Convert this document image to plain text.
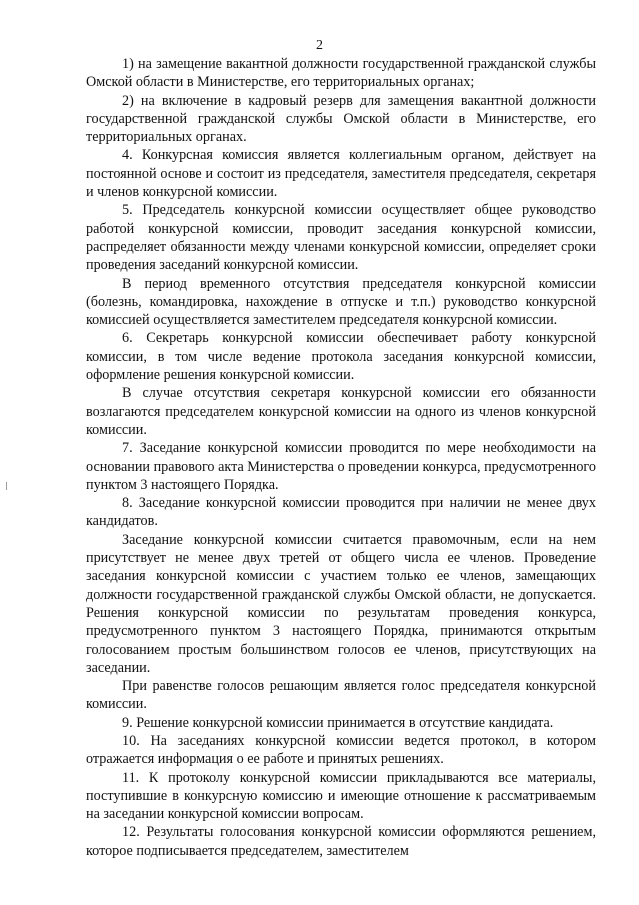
2

1) на замещение вакантной должности государственной гражданской службы Омской области в Министерстве, его территориальных органах;

2) на включение в кадровый резерв для замещения вакантной должности государственной гражданской службы Омской области в Министерстве, его территориальных органах.

4. Конкурсная комиссия является коллегиальным органом, действует на постоянной основе и состоит из председателя, заместителя председателя, секретаря и членов конкурсной комиссии.

5. Председатель конкурсной комиссии осуществляет общее руководство работой конкурсной комиссии, проводит заседания конкурсной комиссии, распределяет обязанности между членами конкурсной комиссии, определяет сроки проведения заседаний конкурсной комиссии.

В период временного отсутствия председателя конкурсной комиссии (болезнь, командировка, нахождение в отпуске и т.п.) руководство конкурсной комиссией осуществляется заместителем председателя конкурсной комиссии.

6. Секретарь конкурсной комиссии обеспечивает работу конкурсной комиссии, в том числе ведение протокола заседания конкурсной комиссии, оформление решения конкурсной комиссии.

В случае отсутствия секретаря конкурсной комиссии его обязанности возлагаются председателем конкурсной комиссии на одного из членов конкурсной комиссии.

7. Заседание конкурсной комиссии проводится по мере необходимости на основании правового акта Министерства о проведении конкурса, предусмотренного пунктом 3 настоящего Порядка.

8. Заседание конкурсной комиссии проводится при наличии не менее двух кандидатов.

Заседание конкурсной комиссии считается правомочным, если на нем присутствует не менее двух третей от общего числа ее членов. Проведение заседания конкурсной комиссии с участием только ее членов, замещающих должности государственной гражданской службы Омской области, не допускается. Решения конкурсной комиссии по результатам проведения конкурса, предусмотренного пунктом 3 настоящего Порядка, принимаются открытым голосованием простым большинством голосов ее членов, присутствующих на заседании.

При равенстве голосов решающим является голос председателя конкурсной комиссии.

9. Решение конкурсной комиссии принимается в отсутствие кандидата.

10. На заседаниях конкурсной комиссии ведется протокол, в котором отражается информация о ее работе и принятых решениях.

11. К протоколу конкурсной комиссии прикладываются все материалы, поступившие в конкурсную комиссию и имеющие отношение к рассматриваемым на заседании конкурсной комиссии вопросам.

12. Результаты голосования конкурсной комиссии оформляются решением, которое подписывается председателем, заместителем
